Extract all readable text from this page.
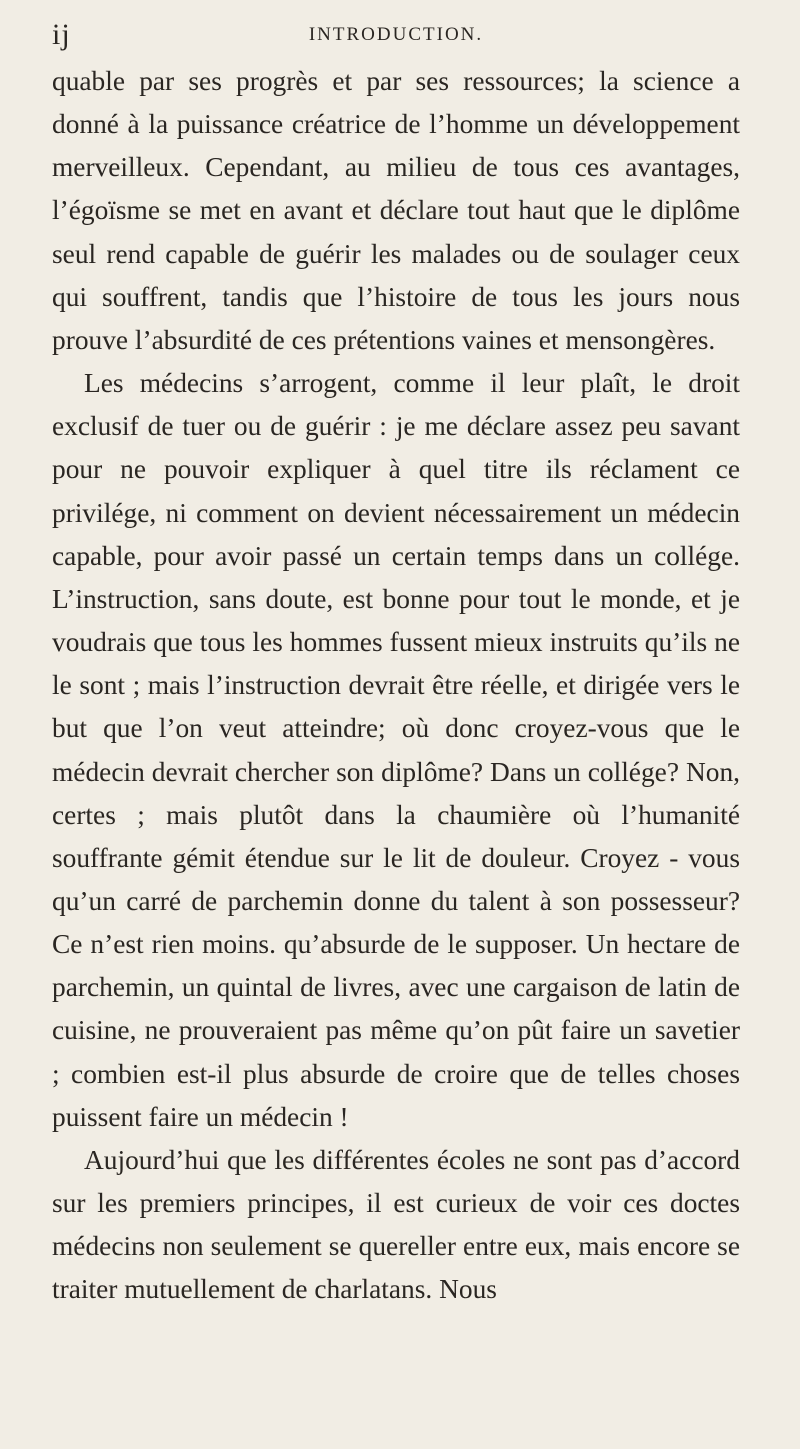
ij	INTRODUCTION.

quable par ses progrès et par ses ressources; la science a donné à la puissance créatrice de l’homme un développement merveilleux. Cependant, au milieu de tous ces avantages, l’égoïsme se met en avant et déclare tout haut que le diplôme seul rend capable de guérir les malades ou de soulager ceux qui souffrent, tandis que l’histoire de tous les jours nous prouve l’absurdité de ces prétentions vaines et mensongères.

Les médecins s’arrogent, comme il leur plaît, le droit exclusif de tuer ou de guérir : je me déclare assez peu savant pour ne pouvoir expliquer à quel titre ils réclament ce privilége, ni comment on devient nécessairement un médecin capable, pour avoir passé un certain temps dans un collége. L’instruction, sans doute, est bonne pour tout le monde, et je voudrais que tous les hommes fussent mieux instruits qu’ils ne le sont ; mais l’instruction devrait être réelle, et dirigée vers le but que l’on veut atteindre; où donc croyez-vous que le médecin devrait chercher son diplôme? Dans un collége? Non, certes ; mais plutôt dans la chaumière où l’humanité souffrante gémit étendue sur le lit de douleur. Croyez - vous qu’un carré de parchemin donne du talent à son possesseur? Ce n’est rien moins. qu’absurde de le supposer. Un hectare de parchemin, un quintal de livres, avec une cargaison de latin de cuisine, ne prouveraient pas même qu’on pût faire un savetier ; combien est-il plus absurde de croire que de telles choses puissent faire un médecin !

Aujourd’hui que les différentes écoles ne sont pas d’accord sur les premiers principes, il est curieux de voir ces doctes médecins non seulement se quereller entre eux, mais encore se traiter mutuellement de charlatans. Nous
